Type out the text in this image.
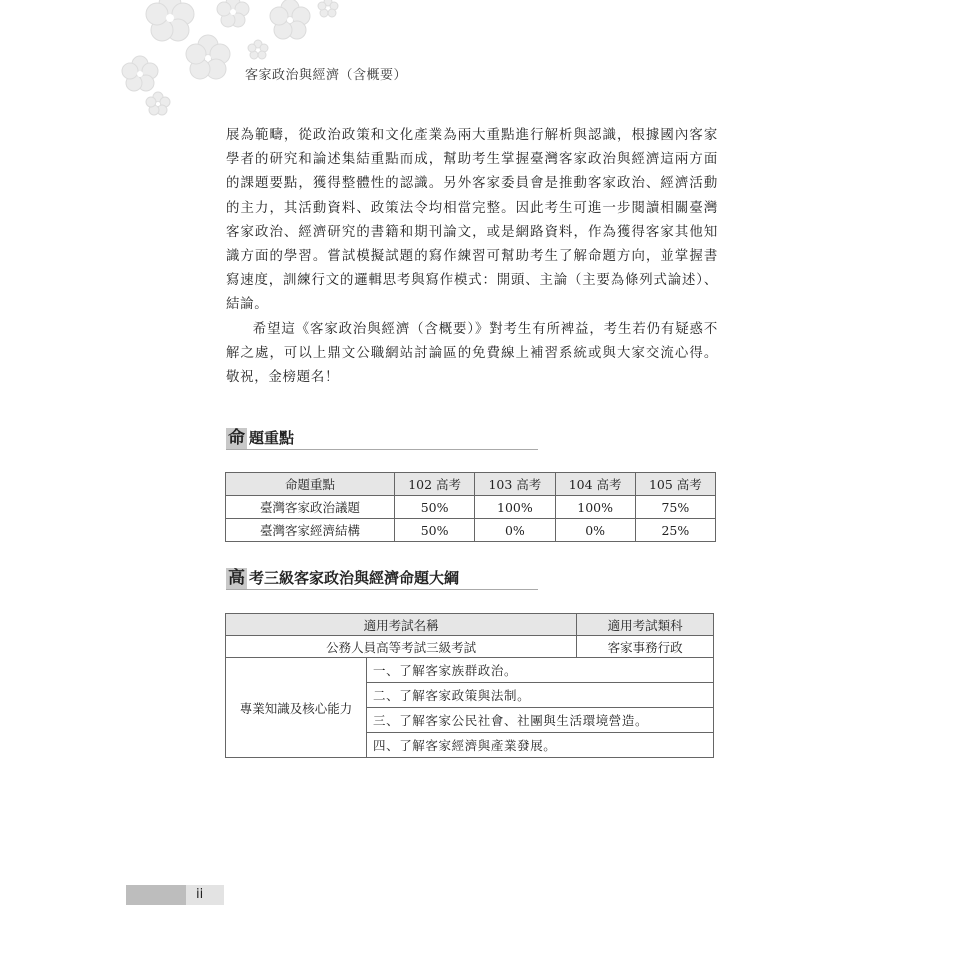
客家政治與經濟（含概要）

展為範疇，從政治政策和文化產業為兩大重點進行解析與認識，根據國內客家學者的研究和論述集結重點而成，幫助考生掌握臺灣客家政治與經濟這兩方面的課題要點，獲得整體性的認識。另外客家委員會是推動客家政治、經濟活動的主力，其活動資料、政策法令均相當完整。因此考生可進一步閱讀相關臺灣客家政治、經濟研究的書籍和期刊論文，或是網路資料，作為獲得客家其他知識方面的學習。嘗試模擬試題的寫作練習可幫助考生了解命題方向，並掌握書寫速度，訓練行文的邏輯思考與寫作模式：開頭、主論（主要為條列式論述）、結論。

希望這《客家政治與經濟（含概要）》對考生有所裨益，考生若仍有疑惑不解之處，可以上鼎文公職網站討論區的免費線上補習系統或與大家交流心得。敬祝，金榜題名！

命 題重點
命題重點	102 高考	103 高考	104 高考	105 高考
臺灣客家政治議題	50%	100%	100%	75%
臺灣客家經濟結構	50%	0%	0%	25%
高 考三級客家政治與經濟命題大綱
適用考試名稱		適用考試類科
公務人員高等考試三級考試		客家事務行政
專業知識及核心能力	一、了解客家族群政治。	
	二、了解客家政策與法制。	
	三、了解客家公民社會、社團與生活環境營造。	
	四、了解客家經濟與產業發展。	
ii
